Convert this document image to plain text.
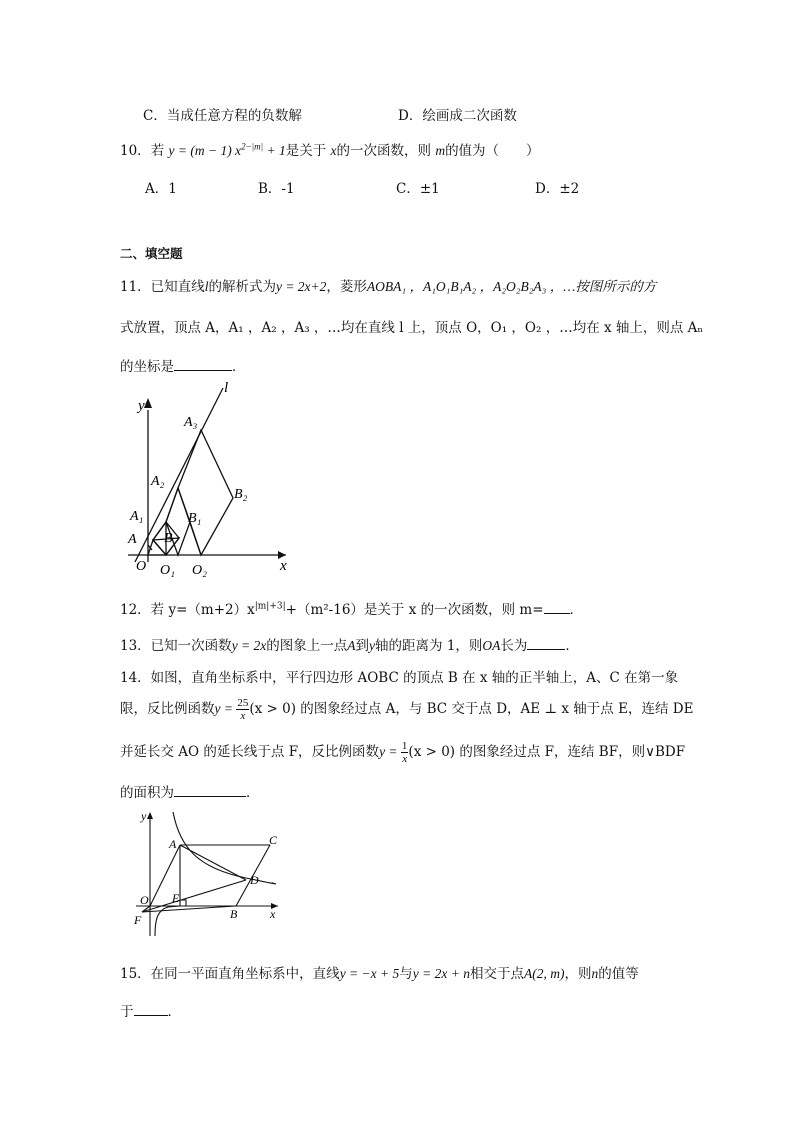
C．当成任意方程的负数解	D．绘画成二次函数
10．若 y = (m − 1) $x^{2-|m|} + 1$是关于 x的一次函数，则 m的值为（　　）
A．1	B．-1	C．±1	D．±2
二、填空题
11．已知直线l的解析式为y = 2x+2，菱形AOBA₁ ，A₁O₁B₁A₂ ，A₂O₂B₂A₃ ，…按图所示的方
式放置，顶点 A，A₁ ，A₂ ，A₃ ，…均在直线 l 上，顶点 O，O₁ ，O₂ ，…均在 x 轴上，则点 Aₙ
的坐标是	．
y
x
l
A₃
A₂
A₁
A B
B₁
B₂
O O₁ O₂
12．若 $y=(m+2)x^{|m|+3|}+(m^2-16)$是关于 x 的一次函数，则 m= ．
13．已知一次函数y = 2x的图象上一点A到y轴的距离为 1，则OA长为	．
14．如图，直角坐标系中，平行四边形 AOBC 的顶点 B 在 x 轴的正半轴上，A、C 在第一象
限，反比例函数$y = \frac{25}{x} (x > 0)$ 的图象经过点 A，与 BC 交于点 D，AE ⊥ x 轴于点 E，连结 DE
并延长交 AO 的延长线于点 F，反比例函数$y = \frac{1}{x} (x > 0)$ 的图象经过点 F，连结 BF，则∨BDF
的面积为	．
y
x
A	C
D
O E
B
F
15．在同一平面直角坐标系中，直线y = −x + 5与y = 2x + n相交于点A(2, m)，则n的值等
于	．
